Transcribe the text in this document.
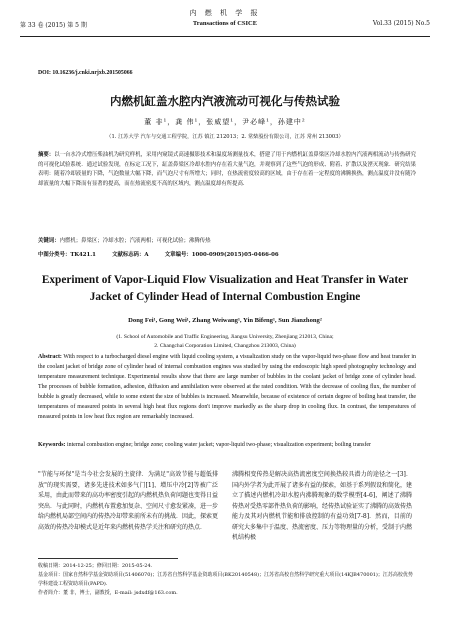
第 33 卷 (2015) 第 5 期
内 燃 机 学 报
Transactions of CSICE	Vol.33 (2015) No.5
DOI: 10.16236/j.cnki.nrjxb.201505066
内燃机缸盖水腔内汽液流动可视化与传热试验
董 非¹，龚 伟¹，张威望¹，尹必峰¹，孙建中²
（1. 江苏大学 汽车与交通工程学院，江苏 镇江 212013；2. 常柴股份有限公司，江苏 常州 213003）
摘要：以一台水冷式增压柴油机为研究样机，采用内窥镜式高速摄影技术和温度场测量技术，搭建了用于内燃机缸盖鼻梁区冷却水腔内汽液两相流动与传热研究的可视化试验系统．通过试验发现，在标定工况下，缸盖鼻梁区冷却水腔内存在着大量气泡，并观察到了这些气泡的形成、附着、扩散以及湮灭现象．研究结果表明：随着冷却液量的下降，气泡数量大幅下降，而气泡尺寸有所增大；同时，在热流密度较高的区域，由于存在着一定程度的沸腾换热，测点温度并没有随冷却液量的大幅下降而有显著的提高，而在热流密度不高的区域内，测点温度却有所提高．
关键词：内燃机；鼻梁区；冷却水腔；汽液两相；可视化试验；沸腾传热
中图分类号：TK421.1　　　文献标志码：A　　　文章编号：1000-0909(2015)05-0466-06
Experiment of Vapor-Liquid Flow Visualization and Heat Transfer in Water Jacket of Cylinder Head of Internal Combustion Engine
Dong Fei¹, Gong Wei¹, Zhang Weiwang¹, Yin Bifeng¹, Sun Jianzhong²
(1. School of Automobile and Traffic Engineering, Jiangsu University, Zhenjiang 212013, China;
2. Changchai Corporation Limited, Changzhou 213003, China)
Abstract: With respect to a turbocharged diesel engine with liquid cooling system, a visualization study on the vapor-liquid two-phase flow and heat transfer in the coolant jacket of bridge zone of cylinder head of internal combustion engines was studied by using the endoscopic high speed photography technology and temperature measurement technique. Experimental results show that there are large number of bubbles in the coolant jacket of bridge zone of cylinder head. The processes of bubble formation, adhesion, diffusion and annihilation were observed at the rated condition. With the decrease of cooling flux, the number of bubble is greatly decreased, while to some extent the size of bubbles is increased. Meanwhile, because of existence of certain degree of boiling heat transfer, the temperatures of measured points in several high heat flux regions don't improve markedly as the sharp drop in cooling flux. In contrast, the temperatures of measured points in low heat flux region are remarkably increased.
Keywords: internal combustion engine; bridge zone; cooling water jacket; vapor-liquid two-phase; visualization experiment; boiling transfer
"节能与环保"是当今社会发展的主旋律．为满足"高效节能与超低排放"的现实需要，诸多先进技术如多气门[1]、增压中冷[2]等被广泛采用，由此而带来的高功率密度引起的内燃机热负荷问题也变得日益突出．与此同时，内燃机布置愈加复杂、空间尺寸愈发紧凑，进一步给内燃机局部空间内的传热冷却带来前所未有的挑战．因此，探索更高效的传热冷却模式是近年来内燃机传热学关注和研究的热点．
沸腾相变传热是解决高热流密度空间换热较具潜力的途径之一[3]．国内外学者为此开展了诸多有益的探索，如基于系列假设和简化，建立了描述内燃机冷却水腔内沸腾现象的数学模型[4-6]，阐述了沸腾传热对受热零部件热负荷的影响，经传热试验证实了沸腾的高效传热能力及其对内燃机节能和排放控制的有益功效[7-8]．然而，目前的研究大多集中于温度、热流密度、压力等物理量的分析，受制于内燃机结构极

收稿日期：2014-12-25；修回日期：2015-05-24.

基金项目：国家自然科学基金资助项目(51406070)；江苏省自然科学基金资助项目(BK20140548)；江苏省高校自然科学研究重大项目(14KJB470001)；江苏高校优势学科建设工程资助项目(PAPD).

作者简介：董 非，博士，副教授，E-mail: jsdxdf@163.com.
